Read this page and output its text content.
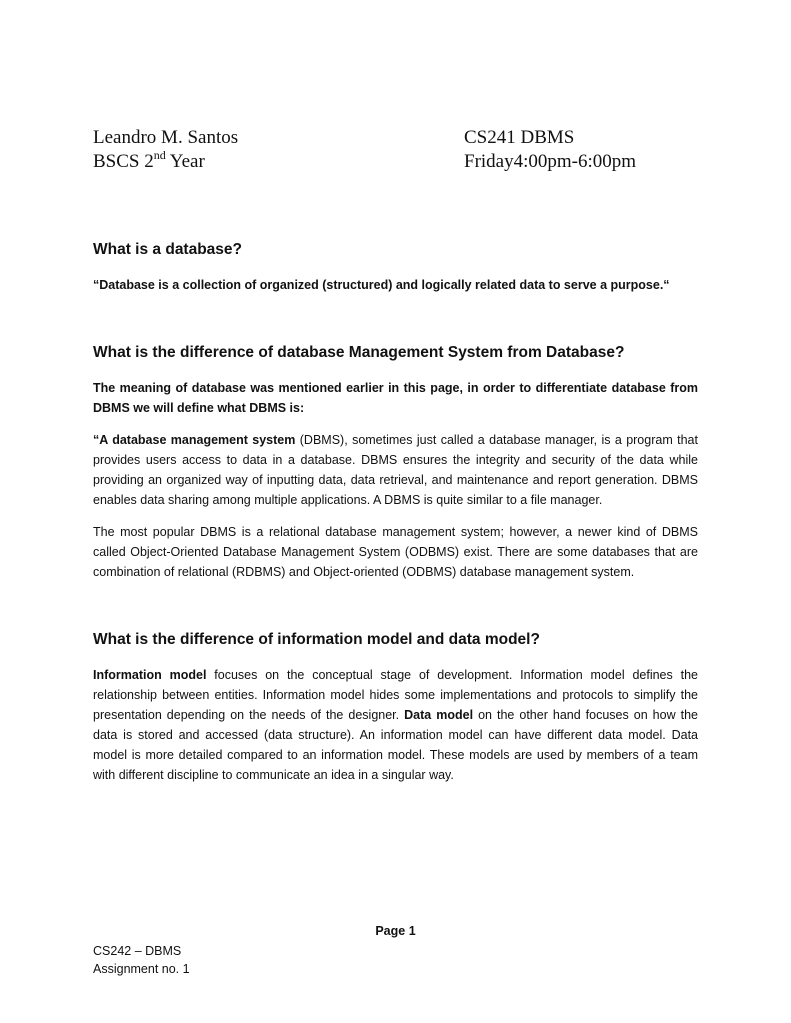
Leandro M. Santos	CS241 DBMS
BSCS 2nd Year	Friday4:00pm-6:00pm
What is a database?

“Database is a collection of organized (structured) and logically related data to serve a purpose.“

What is the difference of database Management System from Database?

The meaning of database was mentioned earlier in this page, in order to differentiate database from DBMS we will define what DBMS is:

“A database management system (DBMS), sometimes just called a database manager, is a program that provides users access to data in a database. DBMS ensures the integrity and security of the data while providing an organized way of inputting data, data retrieval, and maintenance and report generation. DBMS enables data sharing among multiple applications. A DBMS is quite similar to a file manager.

The most popular DBMS is a relational database management system; however, a newer kind of DBMS called Object-Oriented Database Management System (ODBMS) exist. There are some databases that are combination of relational (RDBMS) and Object-oriented (ODBMS) database management system.

What is the difference of information model and data model?

Information model focuses on the conceptual stage of development. Information model defines the relationship between entities. Information model hides some implementations and protocols to simplify the presentation depending on the needs of the designer. Data model on the other hand focuses on how the data is stored and accessed (data structure). An information model can have different data model. Data model is more detailed compared to an information model. These models are used by members of a team with different discipline to communicate an idea in a singular way.

Page 1
CS242 – DBMS
Assignment no. 1
